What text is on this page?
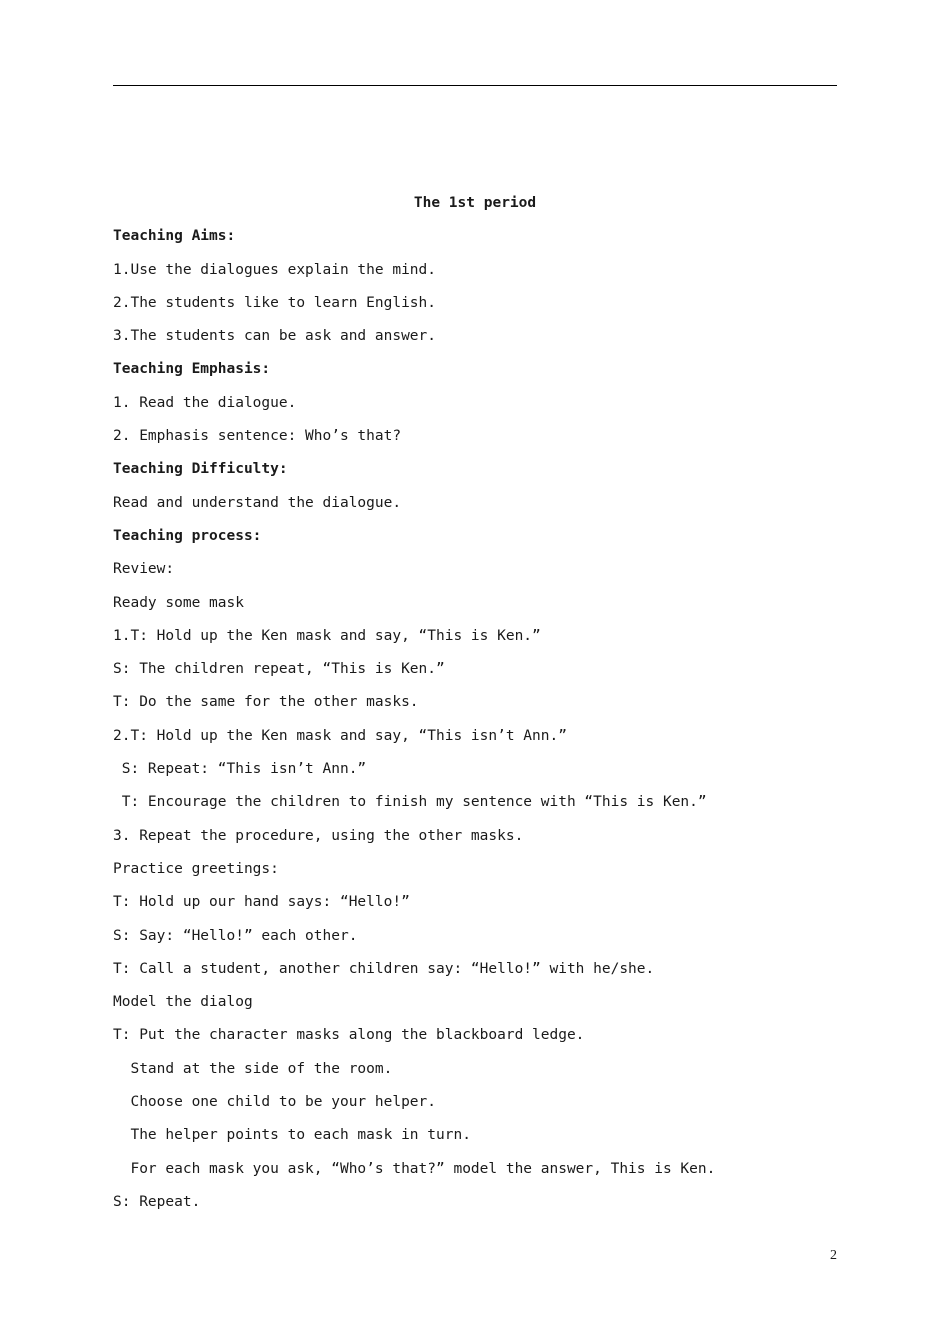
The 1st period
Teaching Aims:
1.Use the dialogues explain the mind.
2.The students like to learn English.
3.The students can be ask and answer.
Teaching Emphasis:
1. Read the dialogue.
2. Emphasis sentence: Who’s that?
Teaching Difficulty:
Read and understand the dialogue.
Teaching process:
Review:
Ready some mask
1.T: Hold up the Ken mask and say, “This is Ken.”
S: The children repeat, “This is Ken.”
T: Do the same for the other masks.
2.T: Hold up the Ken mask and say, “This isn’t Ann.”
S: Repeat: “This isn’t Ann.”
T: Encourage the children to finish my sentence with “This is Ken.”
3. Repeat the procedure, using the other masks.
Practice greetings:
T: Hold up our hand says: “Hello!”
S: Say: “Hello!” each other.
T: Call a student, another children say: “Hello!” with he/she.
Model the dialog
T: Put the character masks along the blackboard ledge.
Stand at the side of the room.
Choose one child to be your helper.
The helper points to each mask in turn.
For each mask you ask, “Who’s that?” model the answer, This is Ken.
S: Repeat.
2
